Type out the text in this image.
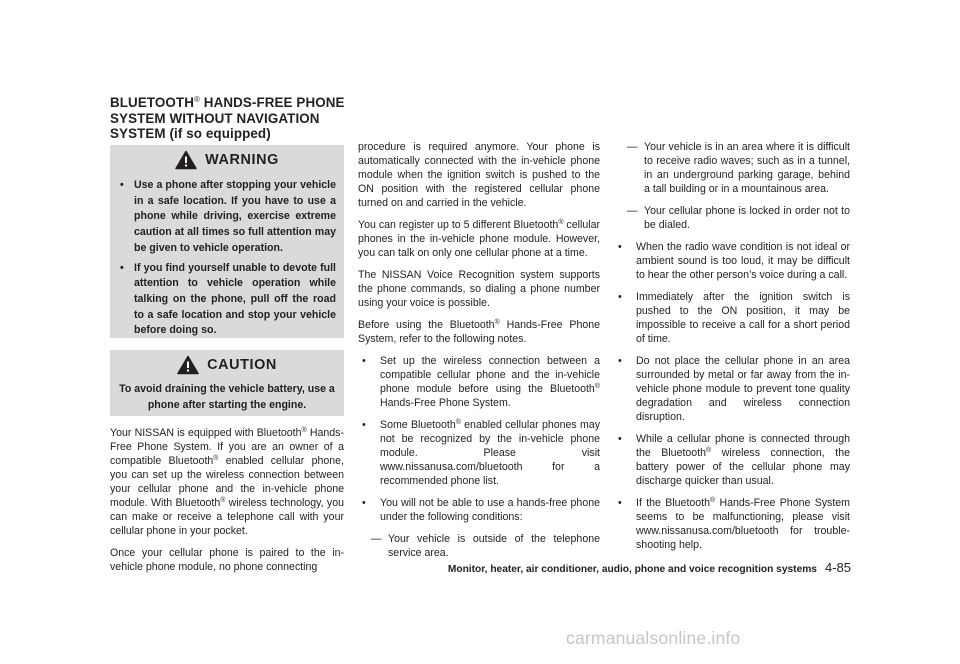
BLUETOOTH® HANDS-FREE PHONE
SYSTEM WITHOUT NAVIGATION
SYSTEM (if so equipped)
WARNING
• Use a phone after stopping your vehicle in a safe location. If you have to use a phone while driving, exercise extreme caution at all times so full attention may be given to vehicle operation.
• If you find yourself unable to devote full attention to vehicle operation while talking on the phone, pull off the road to a safe location and stop your vehicle before doing so.
CAUTION
To avoid draining the vehicle battery, use a phone after starting the engine.

Your NISSAN is equipped with Bluetooth® Hands-Free Phone System. If you are an owner of a compatible Bluetooth® enabled cellular phone, you can set up the wireless connection between your cellular phone and the in-vehicle phone module. With Bluetooth® wireless technology, you can make or receive a telephone call with your cellular phone in your pocket.

Once your cellular phone is paired to the in-vehicle phone module, no phone connecting

procedure is required anymore. Your phone is automatically connected with the in-vehicle phone module when the ignition switch is pushed to the ON position with the registered cellular phone turned on and carried in the vehicle.

You can register up to 5 different Bluetooth® cellular phones in the in-vehicle phone module. However, you can talk on only one cellular phone at a time.

The NISSAN Voice Recognition system supports the phone commands, so dialing a phone number using your voice is possible.

Before using the Bluetooth® Hands-Free Phone System, refer to the following notes.

• Set up the wireless connection between a compatible cellular phone and the in-vehicle phone module before using the Bluetooth® Hands-Free Phone System.
• Some Bluetooth® enabled cellular phones may not be recognized by the in-vehicle phone module. Please visit www.nissanusa.com/bluetooth for a recommended phone list.
• You will not be able to use a hands-free phone under the following conditions:
— Your vehicle is outside of the telephone service area.
— Your vehicle is in an area where it is difficult to receive radio waves; such as in a tunnel, in an underground parking garage, behind a tall building or in a mountainous area.
— Your cellular phone is locked in order not to be dialed.
• When the radio wave condition is not ideal or ambient sound is too loud, it may be difficult to hear the other person’s voice during a call.
• Immediately after the ignition switch is pushed to the ON position, it may be impossible to receive a call for a short period of time.
• Do not place the cellular phone in an area surrounded by metal or far away from the in-vehicle phone module to prevent tone quality degradation and wireless connection disruption.
• While a cellular phone is connected through the Bluetooth® wireless connection, the battery power of the cellular phone may discharge quicker than usual.
• If the Bluetooth® Hands-Free Phone System seems to be malfunctioning, please visit www.nissanusa.com/bluetooth for trouble-shooting help.
Monitor, heater, air conditioner, audio, phone and voice recognition systems 4-85
carmanualsonline.info
